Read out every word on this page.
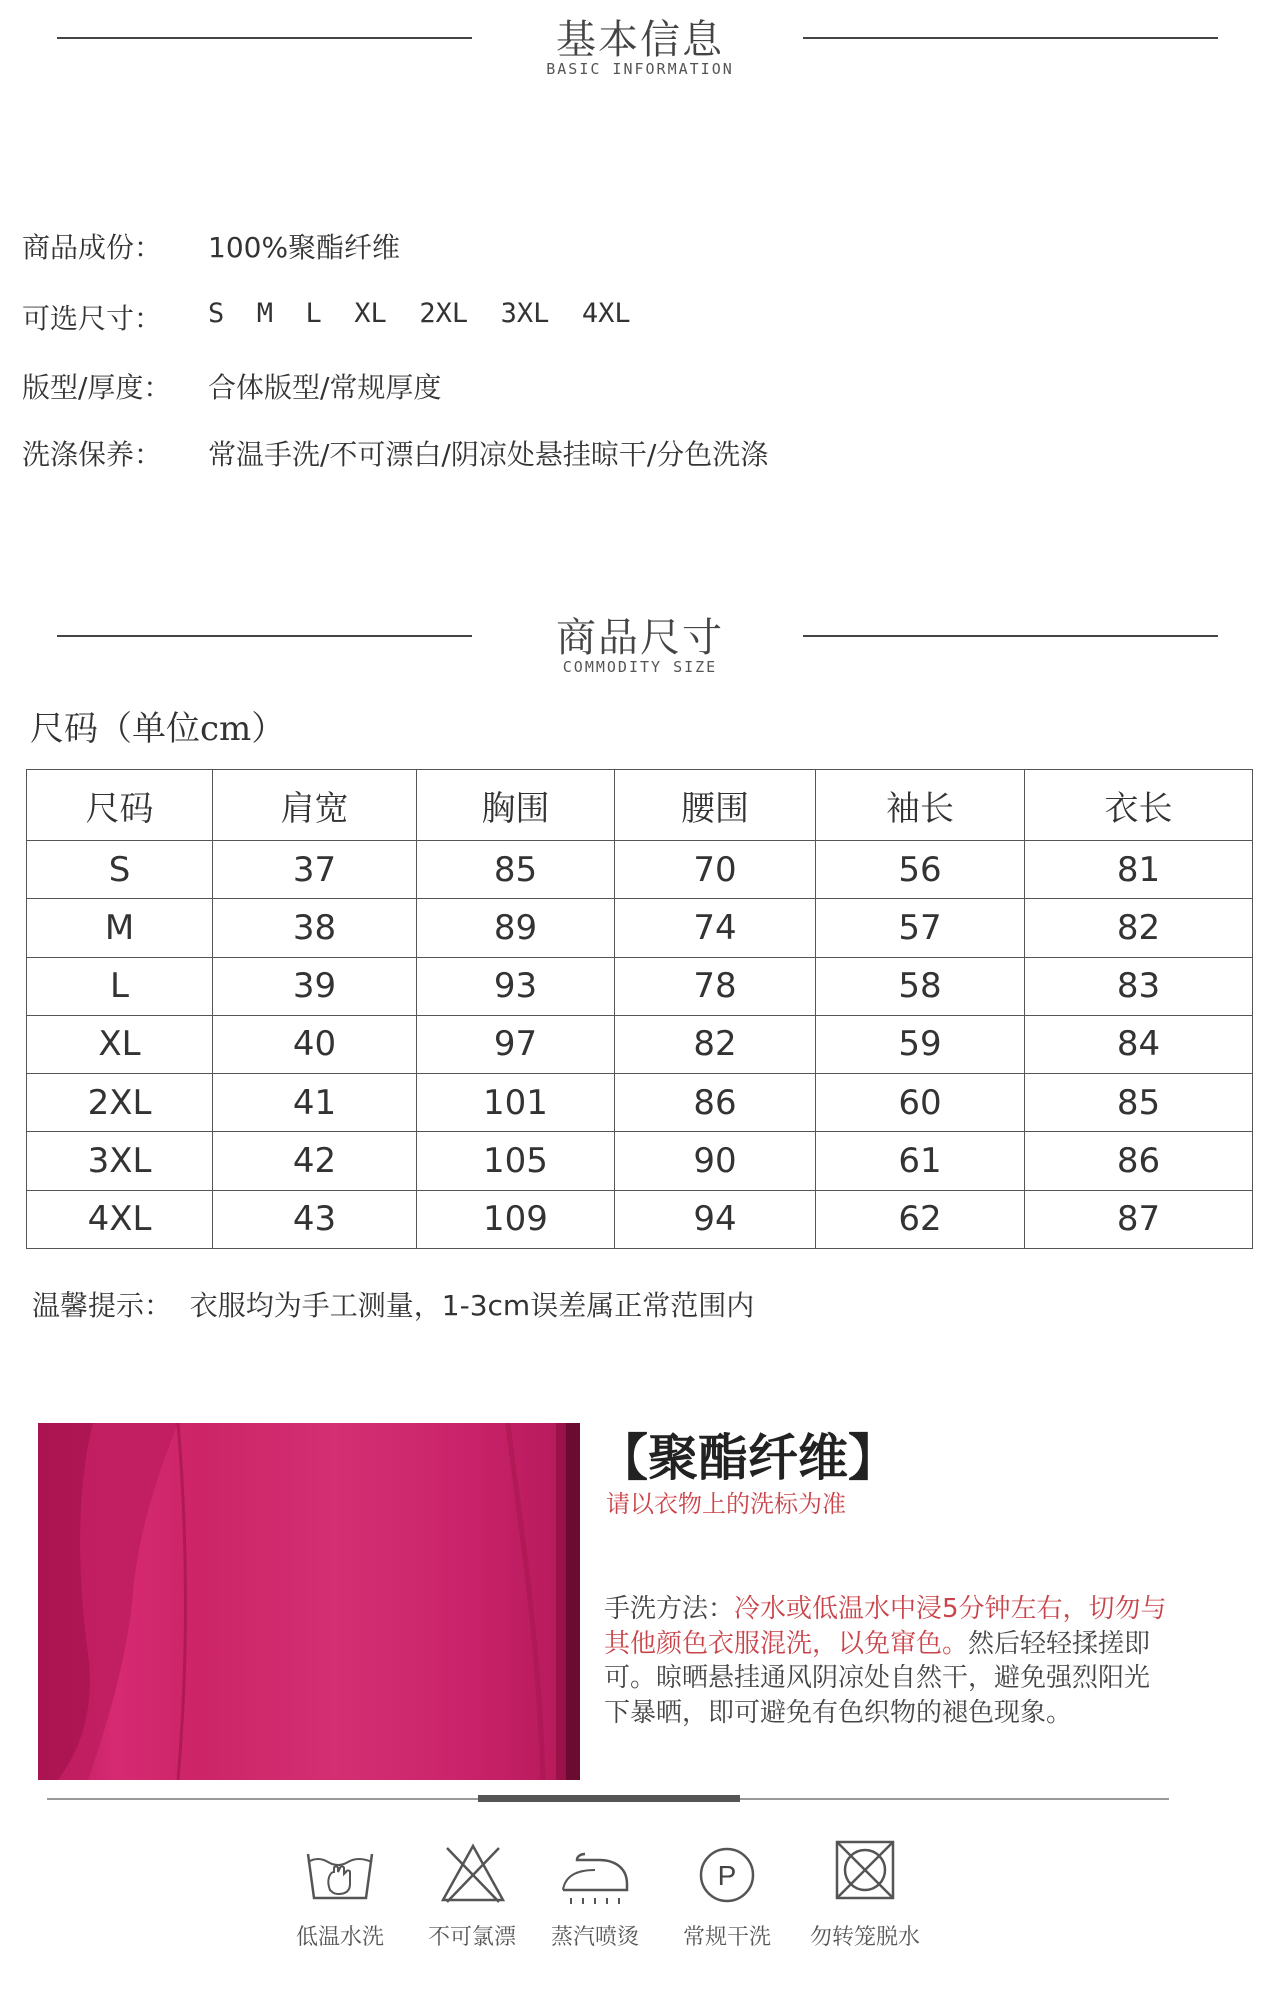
基本信息
BASIC INFORMATION
商品成份： 100%聚酯纤维
可选尺寸： S  M  L  XL  2XL  3XL  4XL
版型/厚度： 合体版型/常规厚度
洗涤保养： 常温手洗/不可漂白/阴凉处悬挂晾干/分色洗涤
商品尺寸
COMMODITY SIZE
尺码（单位cm）
尺码	肩宽	胸围	腰围	袖长	衣长
S	37	85	70	56	81
M	38	89	74	57	82
L	39	93	78	58	83
XL	40	97	82	59	84
2XL	41	101	86	60	85
3XL	42	105	90	61	86
4XL	43	109	94	62	87
温馨提示：  衣服均为手工测量，1-3cm误差属正常范围内
【聚酯纤维】
请以衣物上的洗标为准
手洗方法：冷水或低温水中浸5分钟左右，切勿与其他颜色衣服混洗，以免窜色。然后轻轻揉搓即可。晾晒悬挂通风阴凉处自然干，避免强烈阳光下暴晒，即可避免有色织物的褪色现象。
低温水洗	不可氯漂	蒸汽喷烫
P
常规干洗	勿转笼脱水
